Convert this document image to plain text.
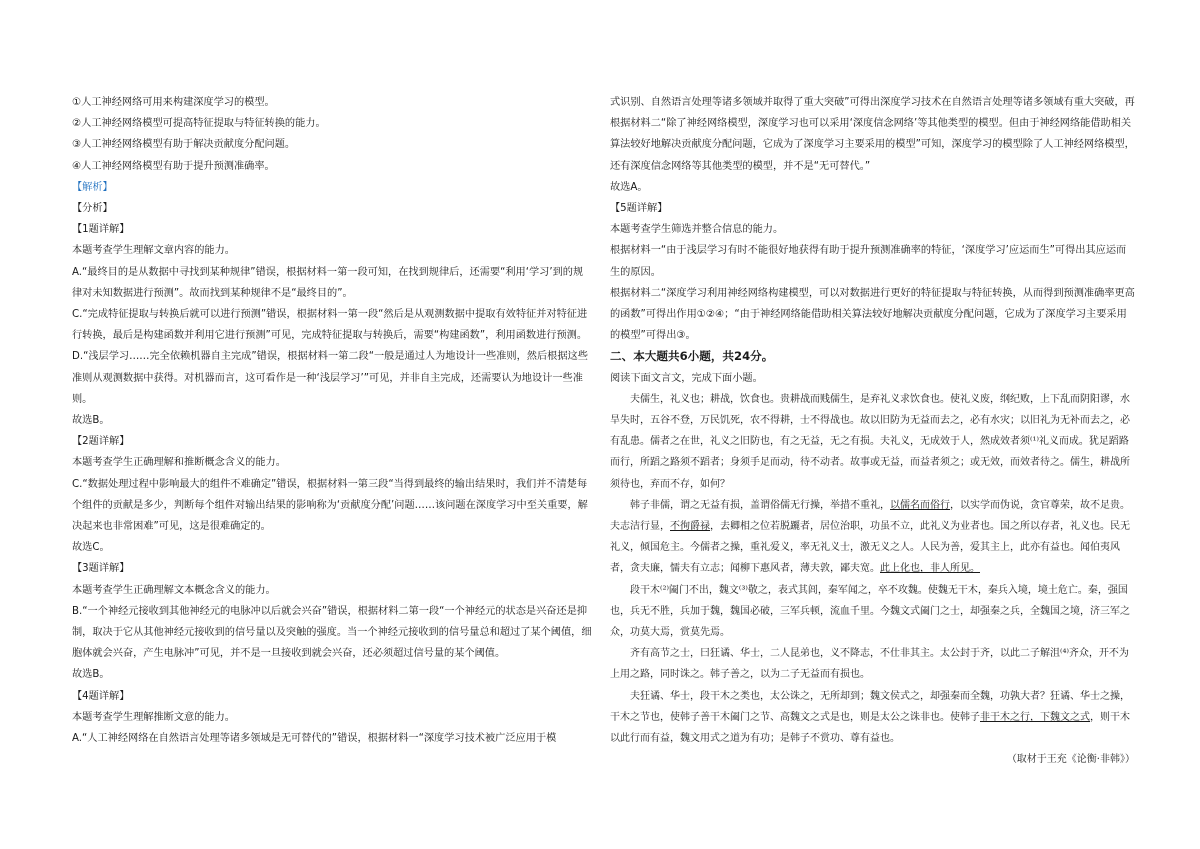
①人工神经网络可用来构建深度学习的模型。

②人工神经网络模型可提高特征提取与特征转换的能力。

③人工神经网络模型有助于解决贡献度分配问题。

④人工神经网络模型有助于提升预测准确率。

【解析】

【分析】

【1题详解】

本题考查学生理解文章内容的能力。

A.“最终目的是从数据中寻找到某种规律”错误，根据材料一第一段可知，在找到规律后，还需要“利用‘学习’到的规律对未知数据进行预测”。故而找到某种规律不是“最终目的”。

C.“完成特征提取与转换后就可以进行预测”错误，根据材料一第一段“然后是从观测数据中提取有效特征并对特征进行转换，最后是构建函数并利用它进行预测”可见，完成特征提取与转换后，需要“构建函数”，利用函数进行预测。

D.“浅层学习……完全依赖机器自主完成”错误，根据材料一第二段“一般是通过人为地设计一些准则，然后根据这些准则从观测数据中获得。对机器而言，这可看作是一种‘浅层学习’”可见，并非自主完成，还需要认为地设计一些准则。

故选B。

【2题详解】

本题考查学生正确理解和推断概念含义的能力。

C.“数据处理过程中影响最大的组件不难确定”错误，根据材料一第三段“当得到最终的输出结果时，我们并不清楚每个组件的贡献是多少，判断每个组件对输出结果的影响称为‘贡献度分配’问题……该问题在深度学习中至关重要，解决起来也非常困难”可见，这是很难确定的。

故选C。

【3题详解】

本题考查学生正确理解文本概念含义的能力。

B.“一个神经元接收到其他神经元的电脉冲以后就会兴奋”错误，根据材料二第一段“一个神经元的状态是兴奋还是抑制，取决于它从其他神经元接收到的信号量以及突触的强度。当一个神经元接收到的信号量总和超过了某个阈值，细胞体就会兴奋，产生电脉冲”可见，并不是一旦接收到就会兴奋，还必须超过信号量的某个阈值。

故选B。

【4题详解】

本题考查学生理解推断文意的能力。

A.“人工神经网络在自然语言处理等诸多领域是无可替代的”错误，根据材料一“深度学习技术被广泛应用于模

式识别、自然语言处理等诸多领域并取得了重大突破”可得出深度学习技术在自然语言处理等诸多领域有重大突破，再根据材料二“除了神经网络模型，深度学习也可以采用‘深度信念网络’等其他类型的模型。但由于神经网络能借助相关算法较好地解决贡献度分配问题，它成为了深度学习主要采用的模型”可知，深度学习的模型除了人工神经网络模型，还有深度信念网络等其他类型的模型，并不是“无可替代。”

故选A。

【5题详解】

本题考查学生筛选并整合信息的能力。

根据材料一“由于浅层学习有时不能很好地获得有助于提升预测准确率的特征，‘深度学习’应运而生”可得出其应运而生的原因。

根据材料二“深度学习利用神经网络构建模型，可以对数据进行更好的特征提取与特征转换，从而得到预测准确率更高的函数”可得出作用①②④；“由于神经网络能借助相关算法较好地解决贡献度分配问题，它成为了深度学习主要采用的模型”可得出③。

二、本大题共6小题，共24分。

阅读下面文言文，完成下面小题。

夫儒生，礼义也；耕战，饮食也。贵耕战而贱儒生，是弃礼义求饮食也。使礼义废，纲纪败，上下乱而阴阳谬，水旱失时，五谷不登，万民饥死，农不得耕，士不得战也。故以旧防为无益而去之，必有水灾；以旧礼为无补而去之，必有乱患。儒者之在世，礼义之旧防也，有之无益，无之有损。夫礼义，无成效于人，然成效者须⁽¹⁾礼义而成。犹足蹈路而行，所蹈之路须不蹈者；身须手足而动，待不动者。故事或无益，而益者须之；或无效，而效者待之。儒生，耕战所须待也，弃而不存，如何？

韩子非儒，谓之无益有损，盖谓俗儒无行操，举措不重礼，以儒名而俗行，以实学而伪说，贪官尊荣，故不足贵。夫志洁行显，不徇爵禄，去卿相之位若脱躧者，居位治职，功虽不立，此礼义为业者也。国之所以存者，礼义也。民无礼义，倾国危主。今儒者之操，重礼爱义，率无礼义士，激无义之人。人民为善，爱其主上，此亦有益也。闻伯夷风者，贪夫廉，懦夫有立志；闻柳下惠风者，薄夫敦，鄙夫宽。此上化也，非人所见。

段干木⁽²⁾阖门不出，魏文⁽³⁾敬之，表式其闾，秦军闻之，卒不攻魏。使魏无干木，秦兵入境，境土危亡。秦，强国也，兵无不胜，兵加于魏，魏国必破，三军兵顿，流血千里。今魏文式阖门之士，却强秦之兵，全魏国之境，济三军之众，功莫大焉，赏莫先焉。

齐有高节之士，曰狂谲、华士，二人昆弟也，义不降志，不仕非其主。太公封于齐，以此二子解沮⁽⁴⁾齐众，开不为上用之路，同时诛之。韩子善之，以为二子无益而有损也。

夫狂谲、华士，段干木之类也，太公诛之，无所却到；魏文侯式之，却强秦而全魏，功孰大者？狂谲、华士之操，干木之节也，使韩子善干木阖门之节、高魏文之式是也，则是太公之诛非也。使韩子非干木之行，下魏文之式，则干木以此行而有益，魏文用式之道为有功；是韩子不赏功、尊有益也。

（取材于王充《论衡·非韩》）
